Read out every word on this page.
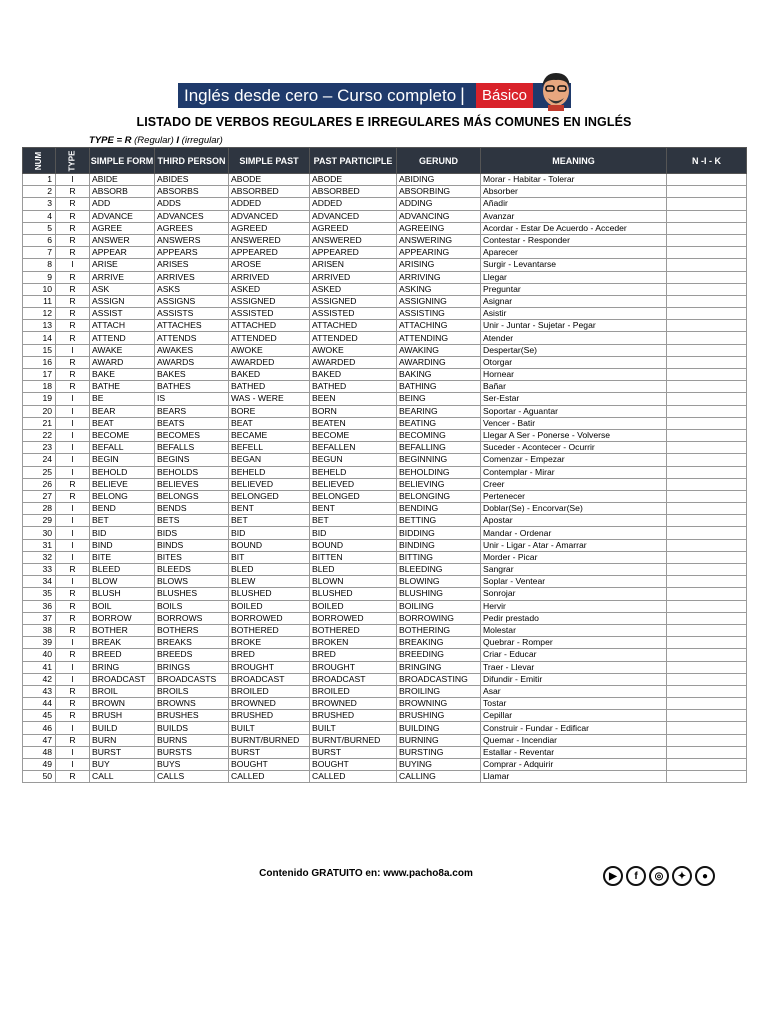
Inglés desde cero – Curso completo |	Básico
LISTADO DE VERBOS REGULARES E IRREGULARES MÁS COMUNES EN INGLÉS
TYPE = R (Regular) I (irregular)
NUM	TYPE	SIMPLE FORM	THIRD PERSON	SIMPLE PAST	PAST PARTICIPLE	GERUND	MEANING	N -I - K
1	I	ABIDE	ABIDES	ABODE	ABODE	ABIDING	Morar - Habitar - Tolerar	
2	R	ABSORB	ABSORBS	ABSORBED	ABSORBED	ABSORBING	Absorber	
3	R	ADD	ADDS	ADDED	ADDED	ADDING	Añadir	
4	R	ADVANCE	ADVANCES	ADVANCED	ADVANCED	ADVANCING	Avanzar	
5	R	AGREE	AGREES	AGREED	AGREED	AGREEING	Acordar - Estar De Acuerdo - Acceder	
6	R	ANSWER	ANSWERS	ANSWERED	ANSWERED	ANSWERING	Contestar - Responder	
7	R	APPEAR	APPEARS	APPEARED	APPEARED	APPEARING	Aparecer	
8	I	ARISE	ARISES	AROSE	ARISEN	ARISING	Surgir - Levantarse	
9	R	ARRIVE	ARRIVES	ARRIVED	ARRIVED	ARRIVING	Llegar	
10	R	ASK	ASKS	ASKED	ASKED	ASKING	Preguntar	
11	R	ASSIGN	ASSIGNS	ASSIGNED	ASSIGNED	ASSIGNING	Asignar	
12	R	ASSIST	ASSISTS	ASSISTED	ASSISTED	ASSISTING	Asistir	
13	R	ATTACH	ATTACHES	ATTACHED	ATTACHED	ATTACHING	Unir - Juntar - Sujetar - Pegar	
14	R	ATTEND	ATTENDS	ATTENDED	ATTENDED	ATTENDING	Atender	
15	I	AWAKE	AWAKES	AWOKE	AWOKE	AWAKING	Despertar(Se)	
16	R	AWARD	AWARDS	AWARDED	AWARDED	AWARDING	Otorgar	
17	R	BAKE	BAKES	BAKED	BAKED	BAKING	Hornear	
18	R	BATHE	BATHES	BATHED	BATHED	BATHING	Bañar	
19	I	BE	IS	WAS - WERE	BEEN	BEING	Ser-Estar	
20	I	BEAR	BEARS	BORE	BORN	BEARING	Soportar - Aguantar	
21	I	BEAT	BEATS	BEAT	BEATEN	BEATING	Vencer - Batir	
22	I	BECOME	BECOMES	BECAME	BECOME	BECOMING	Llegar A Ser - Ponerse - Volverse	
23	I	BEFALL	BEFALLS	BEFELL	BEFALLEN	BEFALLING	Suceder - Acontecer - Ocurrir	
24	I	BEGIN	BEGINS	BEGAN	BEGUN	BEGINNING	Comenzar - Empezar	
25	I	BEHOLD	BEHOLDS	BEHELD	BEHELD	BEHOLDING	Contemplar - Mirar	
26	R	BELIEVE	BELIEVES	BELIEVED	BELIEVED	BELIEVING	Creer	
27	R	BELONG	BELONGS	BELONGED	BELONGED	BELONGING	Pertenecer	
28	I	BEND	BENDS	BENT	BENT	BENDING	Doblar(Se) - Encorvar(Se)	
29	I	BET	BETS	BET	BET	BETTING	Apostar	
30	I	BID	BIDS	BID	BID	BIDDING	Mandar - Ordenar	
31	I	BIND	BINDS	BOUND	BOUND	BINDING	Unir - Ligar - Atar - Amarrar	
32	I	BITE	BITES	BIT	BITTEN	BITTING	Morder - Picar	
33	R	BLEED	BLEEDS	BLED	BLED	BLEEDING	Sangrar	
34	I	BLOW	BLOWS	BLEW	BLOWN	BLOWING	Soplar - Ventear	
35	R	BLUSH	BLUSHES	BLUSHED	BLUSHED	BLUSHING	Sonrojar	
36	R	BOIL	BOILS	BOILED	BOILED	BOILING	Hervir	
37	R	BORROW	BORROWS	BORROWED	BORROWED	BORROWING	Pedir prestado	
38	R	BOTHER	BOTHERS	BOTHERED	BOTHERED	BOTHERING	Molestar	
39	I	BREAK	BREAKS	BROKE	BROKEN	BREAKING	Quebrar - Romper	
40	R	BREED	BREEDS	BRED	BRED	BREEDING	Criar - Educar	
41	I	BRING	BRINGS	BROUGHT	BROUGHT	BRINGING	Traer - Llevar	
42	I	BROADCAST	BROADCASTS	BROADCAST	BROADCAST	BROADCASTING	Difundir - Emitir	
43	R	BROIL	BROILS	BROILED	BROILED	BROILING	Asar	
44	R	BROWN	BROWNS	BROWNED	BROWNED	BROWNING	Tostar	
45	R	BRUSH	BRUSHES	BRUSHED	BRUSHED	BRUSHING	Cepillar	
46	I	BUILD	BUILDS	BUILT	BUILT	BUILDING	Construir - Fundar - Edificar	
47	R	BURN	BURNS	BURNT/BURNED	BURNT/BURNED	BURNING	Quemar - Incendiar	
48	I	BURST	BURSTS	BURST	BURST	BURSTING	Estallar - Reventar	
49	I	BUY	BUYS	BOUGHT	BOUGHT	BUYING	Comprar - Adquirir	
50	R	CALL	CALLS	CALLED	CALLED	CALLING	Llamar	
Contenido GRATUITO en: www.pacho8a.com	▶	f	◎	✦	●
